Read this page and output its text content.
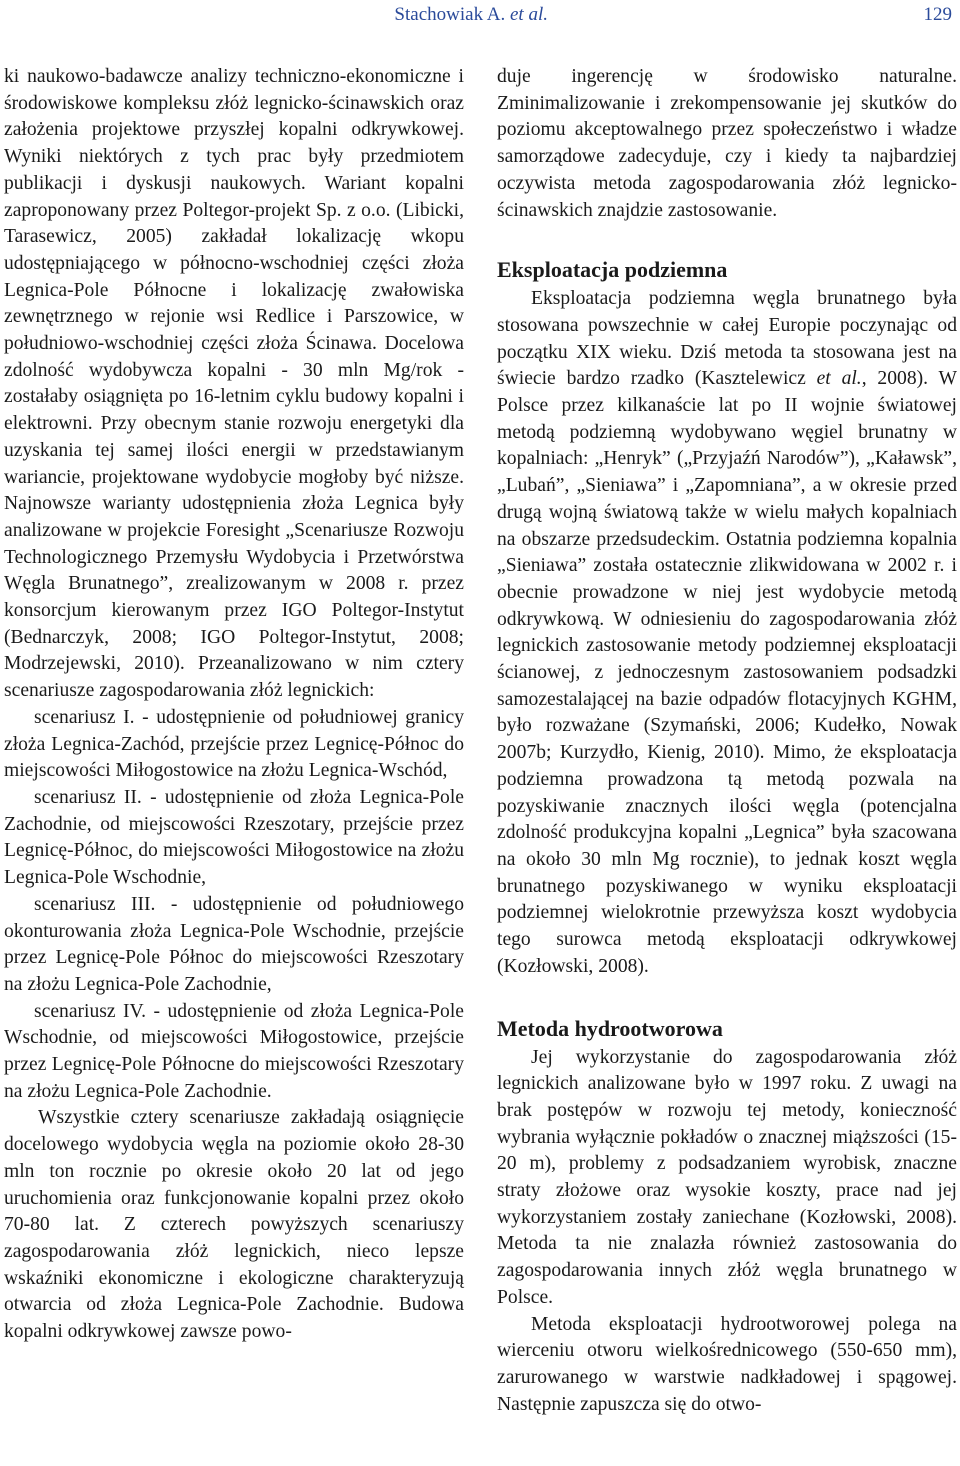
Stachowiak A. et al.	129

ki naukowo-badawcze analizy techniczno-ekonomiczne i środowiskowe kompleksu złóż legnicko-ścinawskich oraz założenia projektowe przyszłej kopalni odkrywkowej. Wyniki niektórych z tych prac były przedmiotem publikacji i dyskusji naukowych. Wariant kopalni zaproponowany przez Poltegor-projekt Sp. z o.o. (Libicki, Tarasewicz, 2005) zakładał lokalizację wkopu udostępniającego w północno-wschodniej części złoża Legnica-Pole Północne i lokalizację zwałowiska zewnętrznego w rejonie wsi Redlice i Parszowice, w południowo-wschodniej części złoża Ścinawa. Docelowa zdolność wydobywcza kopalni - 30 mln Mg/rok - zostałaby osiągnięta po 16-letnim cyklu budowy kopalni i elektrowni. Przy obecnym stanie rozwoju energetyki dla uzyskania tej samej ilości energii w przedstawianym wariancie, projektowane wydobycie mogłoby być niższe. Najnowsze warianty udostępnienia złoża Legnica były analizowane w projekcie Foresight „Scenariusze Rozwoju Technologicznego Przemysłu Wydobycia i Przetwórstwa Węgla Brunatnego”, zrealizowanym w 2008 r. przez konsorcjum kierowanym przez IGO Poltegor-Instytut (Bednarczyk, 2008; IGO Poltegor-Instytut, 2008; Modrzejewski, 2010). Przeanalizowano w nim cztery scenariusze zagospodarowania złóż legnickich:

scenariusz I. - udostępnienie od południowej granicy złoża Legnica-Zachód, przejście przez Legnicę-Północ do miejscowości Miłogostowice na złożu Legnica-Wschód,

scenariusz II. - udostępnienie od złoża Legnica-Pole Zachodnie, od miejscowości Rzeszotary, przejście przez Legnicę-Północ, do miejscowości Miłogostowice na złożu Legnica-Pole Wschodnie,

scenariusz III. - udostępnienie od południowego okonturowania złoża Legnica-Pole Wschodnie, przejście przez Legnicę-Pole Północ do miejscowości Rzeszotary na złożu Legnica-Pole Zachodnie,

scenariusz IV. - udostępnienie od złoża Legnica-Pole Wschodnie, od miejscowości Miłogostowice, przejście przez Legnicę-Pole Północne do miejscowości Rzeszotary na złożu Legnica-Pole Zachodnie.

Wszystkie cztery scenariusze zakładają osiągnięcie docelowego wydobycia węgla na poziomie około 28-30 mln ton rocznie po okresie około 20 lat od jego uruchomienia oraz funkcjonowanie kopalni przez około 70-80 lat. Z czterech powyższych scenariuszy zagospodarowania złóż legnickich, nieco lepsze wskaźniki ekonomiczne i ekologiczne charakteryzują otwarcia od złoża Legnica-Pole Zachodnie. Budowa kopalni odkrywkowej zawsze powo-

duje ingerencję w środowisko naturalne. Zminimalizowanie i zrekompensowanie jej skutków do poziomu akceptowalnego przez społeczeństwo i władze samorządowe zadecyduje, czy i kiedy ta najbardziej oczywista metoda zagospodarowania złóż legnicko-ścinawskich znajdzie zastosowanie.

Eksploatacja podziemna

Eksploatacja podziemna węgla brunatnego była stosowana powszechnie w całej Europie poczynając od początku XIX wieku. Dziś metoda ta stosowana jest na świecie bardzo rzadko (Kasztelewicz et al., 2008). W Polsce przez kilkanaście lat po II wojnie światowej metodą podziemną wydobywano węgiel brunatny w kopalniach: „Henryk” („Przyjaźń Narodów”), „Kaławsk”, „Lubań”, „Sieniawa” i „Zapomniana”, a w okresie przed drugą wojną światową także w wielu małych kopalniach na obszarze przedsudeckim. Ostatnia podziemna kopalnia „Sieniawa” została ostatecznie zlikwidowana w 2002 r. i obecnie prowadzone w niej jest wydobycie metodą odkrywkową. W odniesieniu do zagospodarowania złóż legnickich zastosowanie metody podziemnej eksploatacji ścianowej, z jednoczesnym zastosowaniem podsadzki samozestalającej na bazie odpadów flotacyjnych KGHM, było rozważane (Szymański, 2006; Kudełko, Nowak 2007b; Kurzydło, Kienig, 2010). Mimo, że eksploatacja podziemna prowadzona tą metodą pozwala na pozyskiwanie znacznych ilości węgla (potencjalna zdolność produkcyjna kopalni „Legnica” była szacowana na około 30 mln Mg rocznie), to jednak koszt węgla brunatnego pozyskiwanego w wyniku eksploatacji podziemnej wielokrotnie przewyższa koszt wydobycia tego surowca metodą eksploatacji odkrywkowej (Kozłowski, 2008).

Metoda hydrootworowa

Jej wykorzystanie do zagospodarowania złóż legnickich analizowane było w 1997 roku. Z uwagi na brak postępów w rozwoju tej metody, konieczność wybrania wyłącznie pokładów o znacznej miąższości (15-20 m), problemy z podsadzaniem wyrobisk, znaczne straty złożowe oraz wysokie koszty, prace nad jej wykorzystaniem zostały zaniechane (Kozłowski, 2008). Metoda ta nie znalazła również zastosowania do zagospodarowania innych złóż węgla brunatnego w Polsce.

Metoda eksploatacji hydrootworowej polega na wierceniu otworu wielkośrednicowego (550-650 mm), zarurowanego w warstwie nadkładowej i spągowej. Następnie zapuszcza się do otwo-
